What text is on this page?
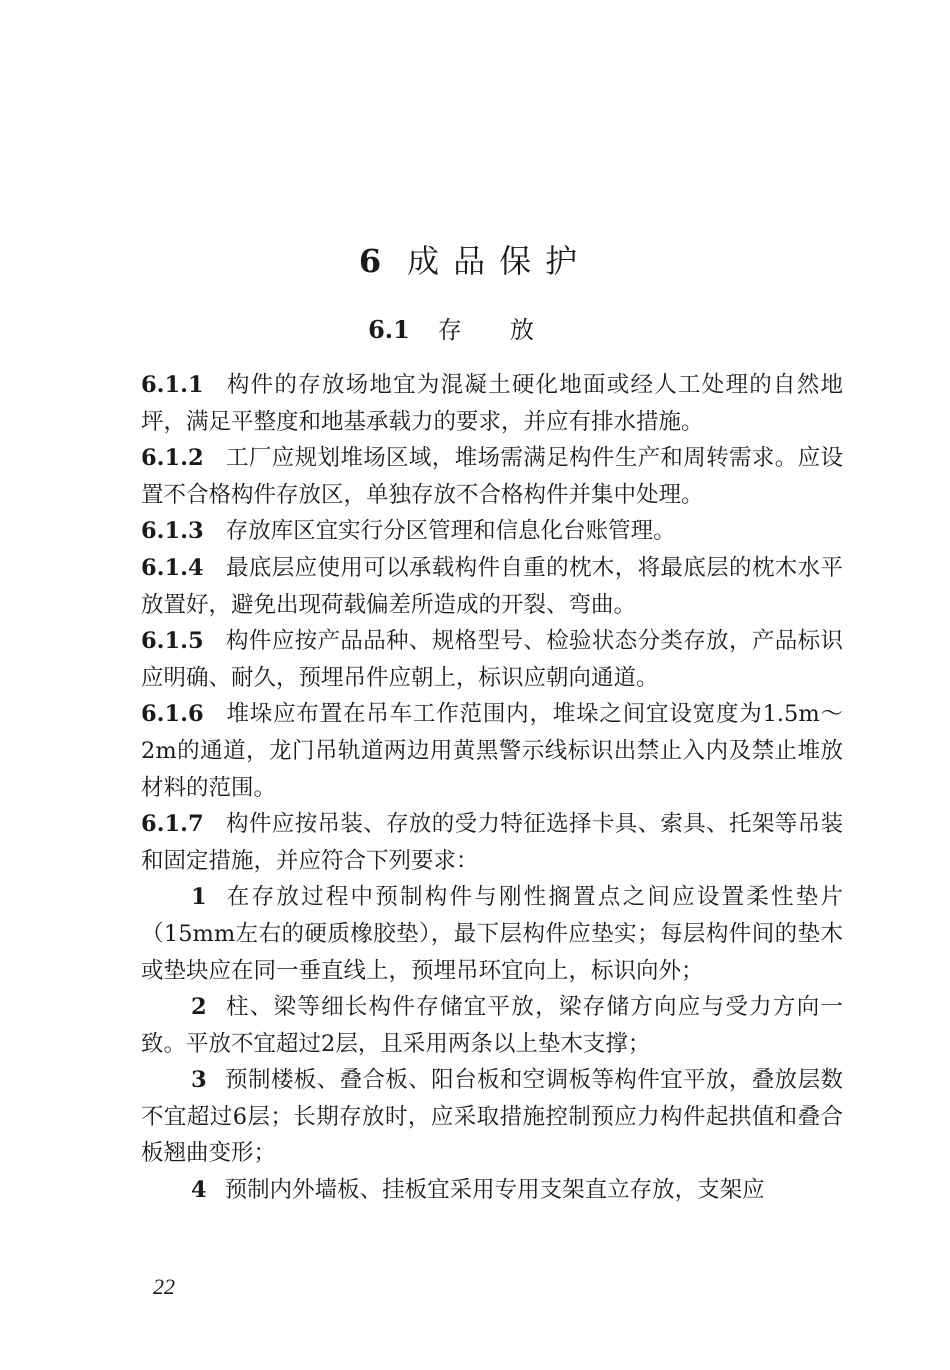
6 成品保护
6.1 存放

6.1.1 构件的存放场地宜为混凝土硬化地面或经人工处理的自然地坪，满足平整度和地基承载力的要求，并应有排水措施。

6.1.2 工厂应规划堆场区域，堆场需满足构件生产和周转需求。应设置不合格构件存放区，单独存放不合格构件并集中处理。

6.1.3 存放库区宜实行分区管理和信息化台账管理。

6.1.4 最底层应使用可以承载构件自重的枕木，将最底层的枕木水平放置好，避免出现荷载偏差所造成的开裂、弯曲。

6.1.5 构件应按产品品种、规格型号、检验状态分类存放，产品标识应明确、耐久，预埋吊件应朝上，标识应朝向通道。

6.1.6 堆垛应布置在吊车工作范围内，堆垛之间宜设宽度为1.5m～2m的通道，龙门吊轨道两边用黄黑警示线标识出禁止入内及禁止堆放材料的范围。

6.1.7 构件应按吊装、存放的受力特征选择卡具、索具、托架等吊装和固定措施，并应符合下列要求：

1 在存放过程中预制构件与刚性搁置点之间应设置柔性垫片（15mm左右的硬质橡胶垫），最下层构件应垫实；每层构件间的垫木或垫块应在同一垂直线上，预埋吊环宜向上，标识向外；

2 柱、梁等细长构件存储宜平放，梁存储方向应与受力方向一致。平放不宜超过2层，且采用两条以上垫木支撑；

3 预制楼板、叠合板、阳台板和空调板等构件宜平放，叠放层数不宜超过6层；长期存放时，应采取措施控制预应力构件起拱值和叠合板翘曲变形；

4 预制内外墙板、挂板宜采用专用支架直立存放，支架应

22
